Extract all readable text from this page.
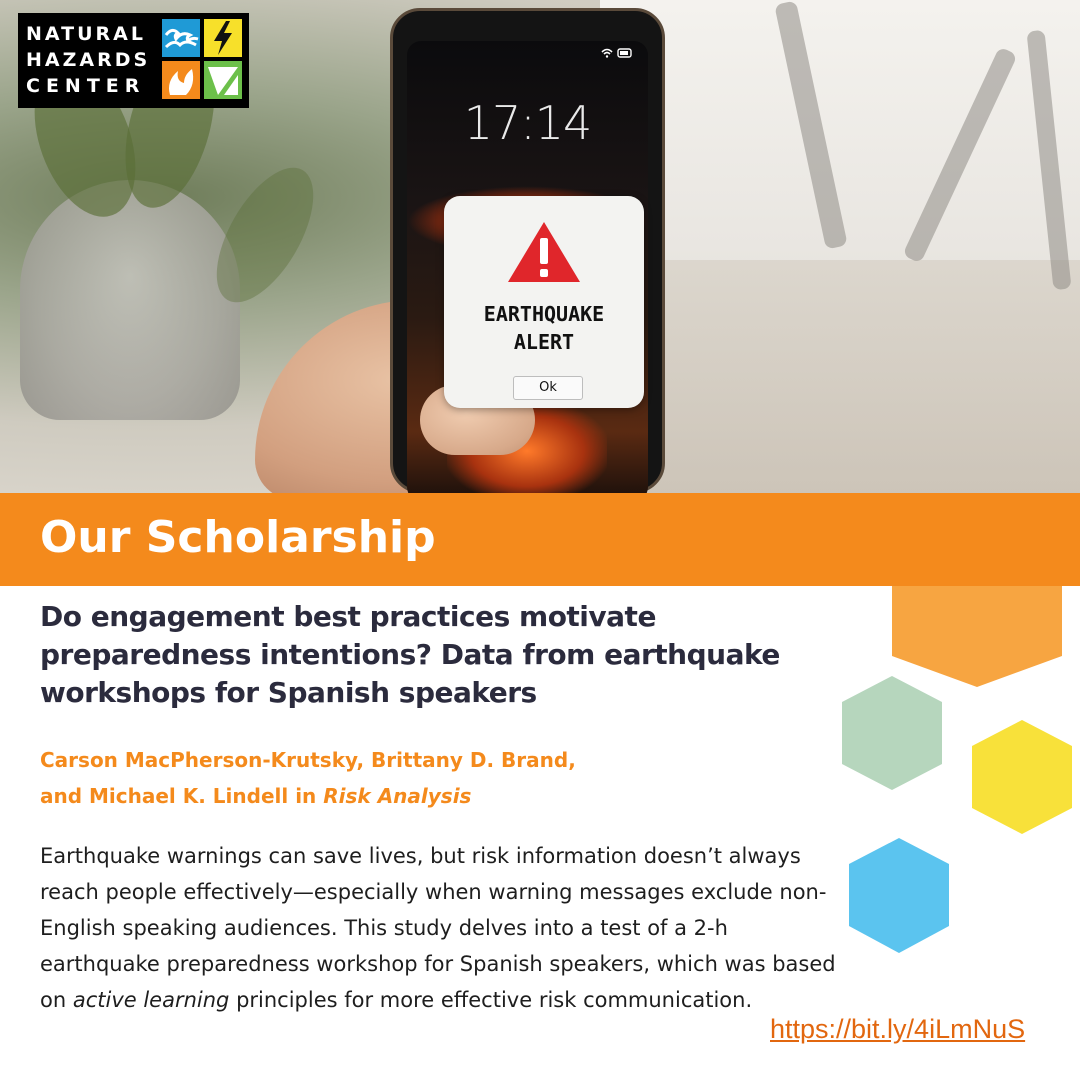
17:14
EARTHQUAKE
ALERT
Ok
NATURAL
HAZARDS
CENTER
Our Scholarship
Do engagement best practices motivate preparedness intentions? Data from earthquake workshops for Spanish speakers
Carson MacPherson-Krutsky, Brittany D. Brand,
and Michael K. Lindell in Risk Analysis
Earthquake warnings can save lives, but risk information doesn’t always reach people effectively—especially when warning messages exclude non-English speaking audiences. This study delves into a test of a 2-h earthquake preparedness workshop for Spanish speakers, which was based on active learning principles for more effective risk communication.
https://bit.ly/4iLmNuS
